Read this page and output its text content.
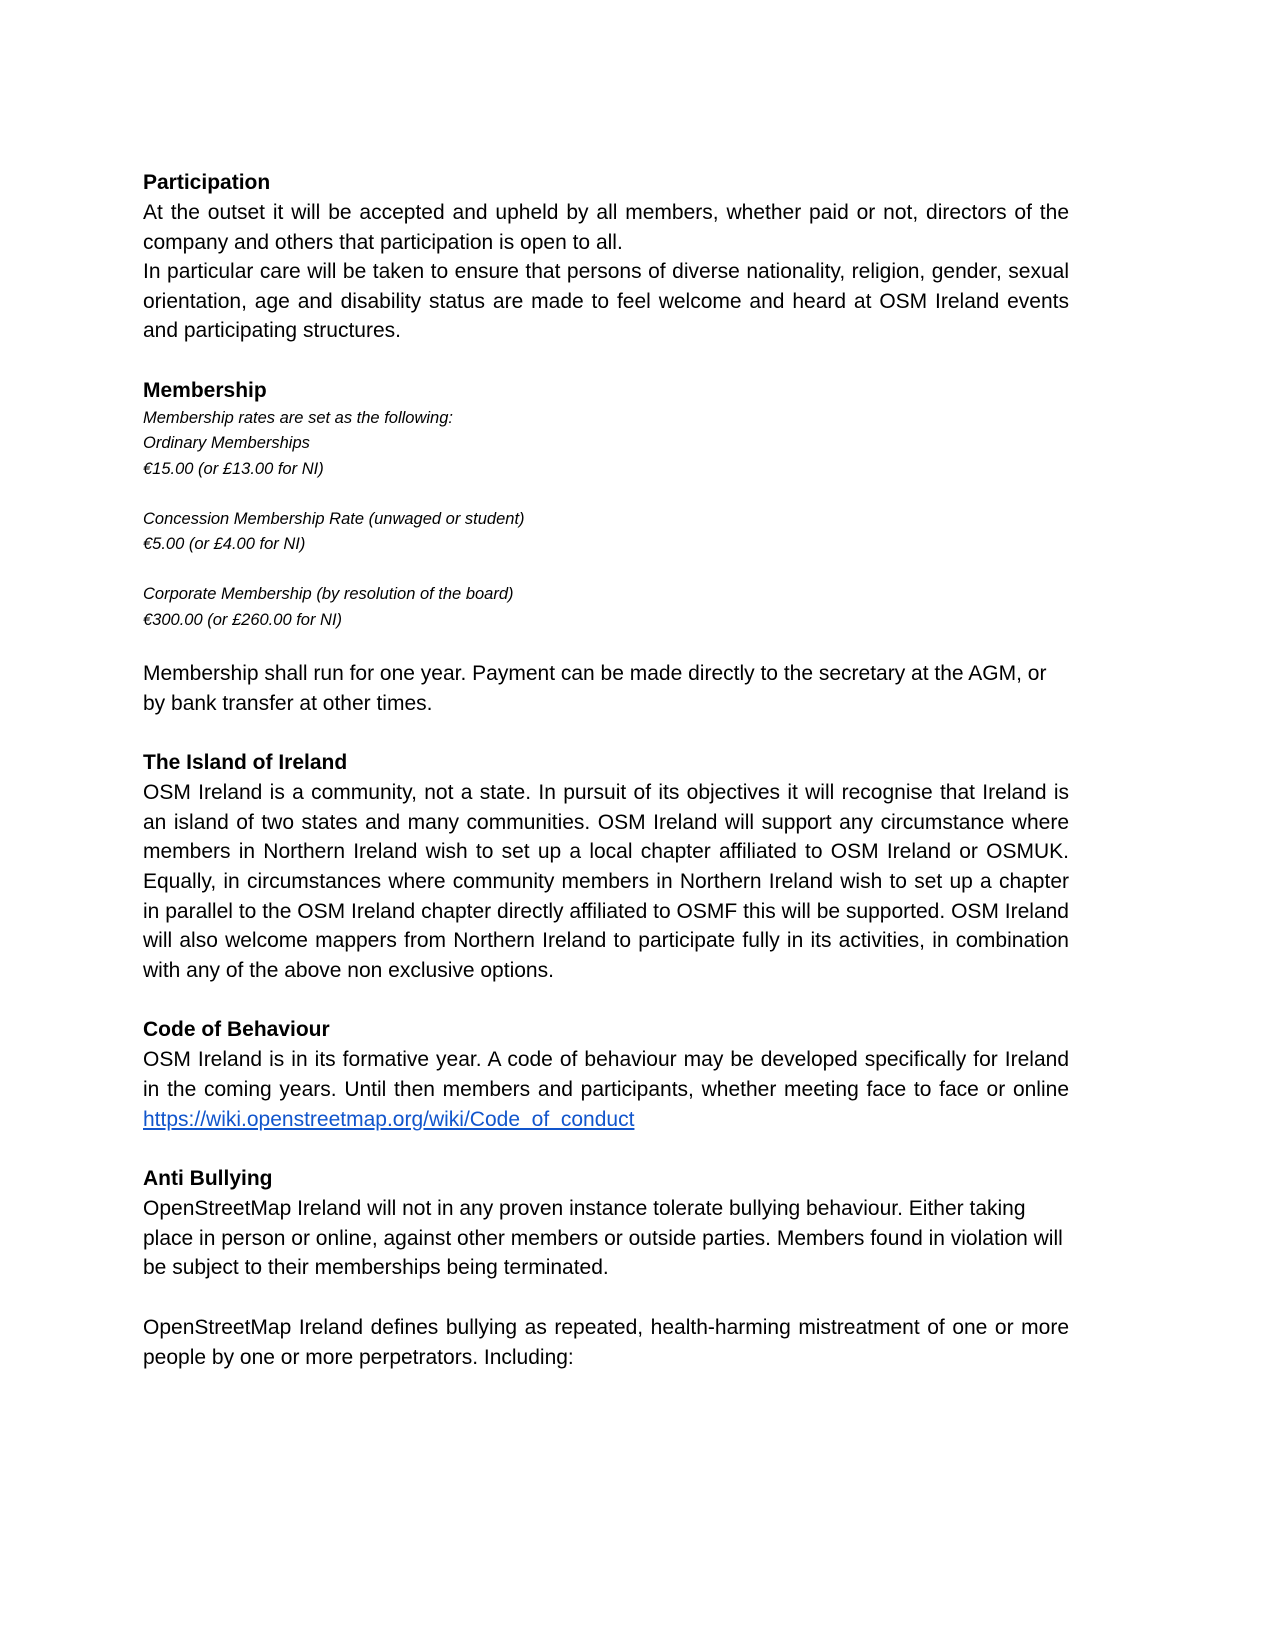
Participation

At the outset it will be accepted and upheld by all members, whether paid or not, directors of the company and others that participation is open to all.

In particular care will be taken to ensure that persons of diverse nationality, religion, gender, sexual orientation, age and disability status are made to feel welcome and heard at OSM Ireland events and participating structures.

Membership

Membership rates are set as the following:

Ordinary Memberships

€15.00 (or £13.00 for NI)

Concession Membership Rate (unwaged or student)

€5.00 (or £4.00 for NI)

Corporate Membership (by resolution of the board)

€300.00 (or £260.00 for NI)

Membership shall run for one year. Payment can be made directly to the secretary at the AGM, or by bank transfer at other times.

The Island of Ireland

OSM Ireland is a community, not a state. In pursuit of its objectives it will recognise that Ireland is an island of two states and many communities. OSM Ireland will support any circumstance where members in Northern Ireland wish to set up a local chapter affiliated to OSM Ireland or OSMUK. Equally, in circumstances where community members in Northern Ireland wish to set up a chapter in parallel to the OSM Ireland chapter directly affiliated to OSMF this will be supported. OSM Ireland will also welcome mappers from Northern Ireland to participate fully in its activities, in combination with any of the above non exclusive options.

Code of Behaviour

OSM Ireland is in its formative year. A code of behaviour may be developed specifically for Ireland in the coming years. Until then members and participants, whether meeting face to face or online https://wiki.openstreetmap.org/wiki/Code_of_conduct

Anti Bullying

OpenStreetMap Ireland will not in any proven instance tolerate bullying behaviour. Either taking place in person or online, against other members or outside parties. Members found in violation will be subject to their memberships being terminated.

OpenStreetMap Ireland defines bullying as repeated, health-harming mistreatment of one or more people by one or more perpetrators. Including:
